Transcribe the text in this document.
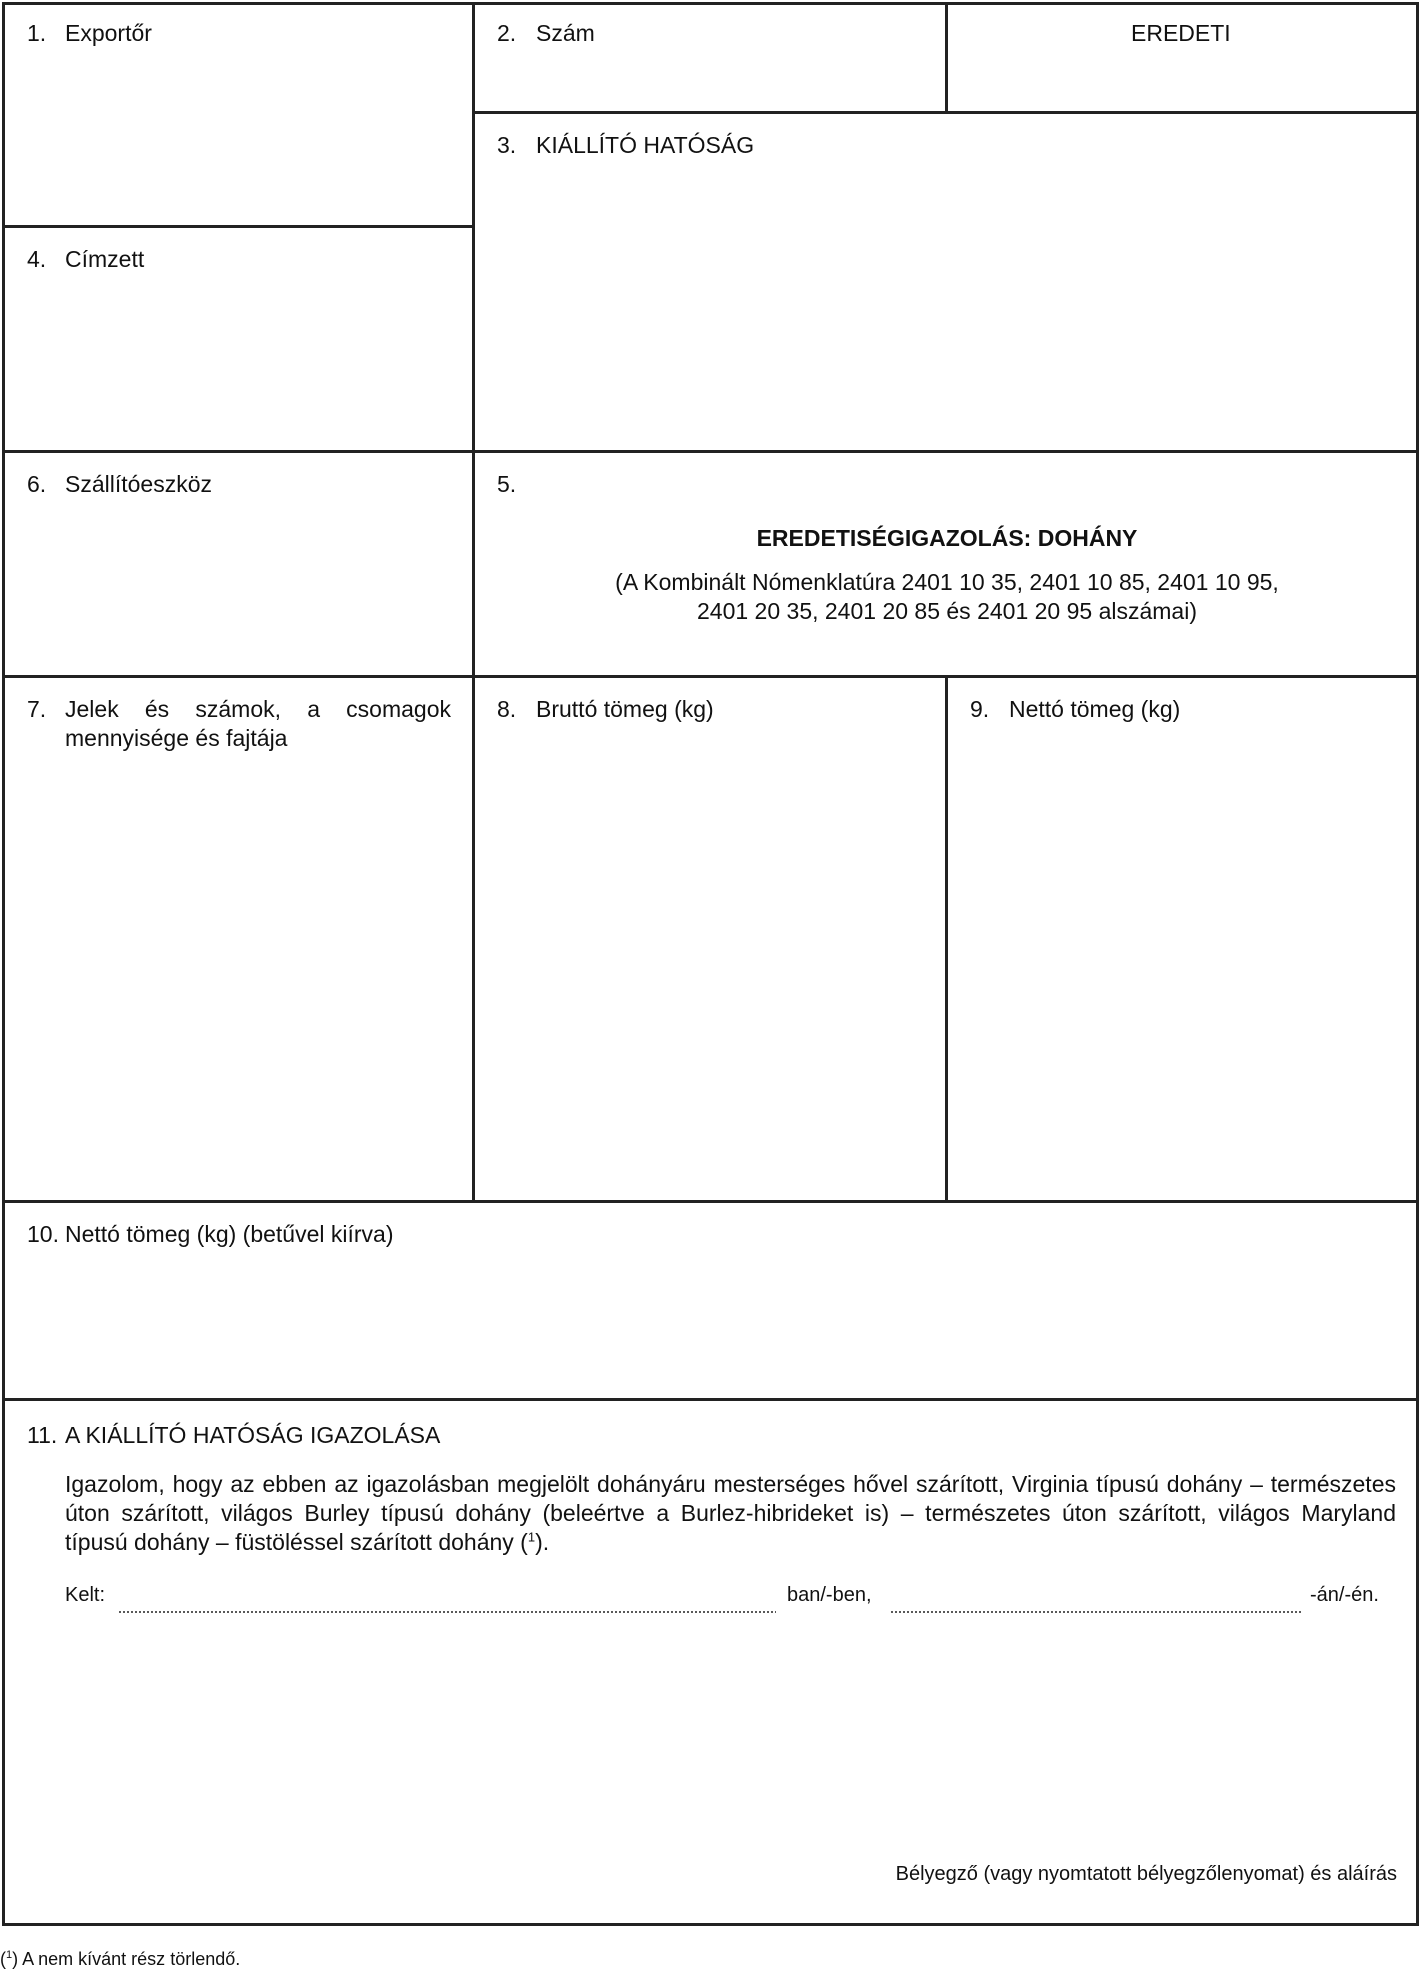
1. Exportőr	2. Szám	EREDETI
3. KIÁLLÍTÓ HATÓSÁG
4. Címzett
6. Szállítóeszköz	5.
EREDETISÉGIGAZOLÁS: DOHÁNY
(A Kombinált Nómenklatúra 2401 10 35, 2401 10 85, 2401 10 95,
2401 20 35, 2401 20 85 és 2401 20 95 alszámai)
7. Jelek és számok, a csomagok
mennyisége és fajtája
8. Bruttó tömeg (kg)	9. Nettó tömeg (kg)
10. Nettó tömeg (kg) (betűvel kiírva)
11. A KIÁLLÍTÓ HATÓSÁG IGAZOLÁSA
Igazolom, hogy az ebben az igazolásban megjelölt dohányáru mesterséges hővel szárított, Virginia típusú dohány – természetes
úton szárított, világos Burley típusú dohány (beleértve a Burlez-hibrideket is) – természetes úton szárított, világos Maryland
típusú dohány – füstöléssel szárított dohány ($^1$).
Kelt:	ban/-ben,	-án/-én.
Bélyegző (vagy nyomtatott bélyegzőlenyomat) és aláírás
($^1$) A nem kívánt rész törlendő.
